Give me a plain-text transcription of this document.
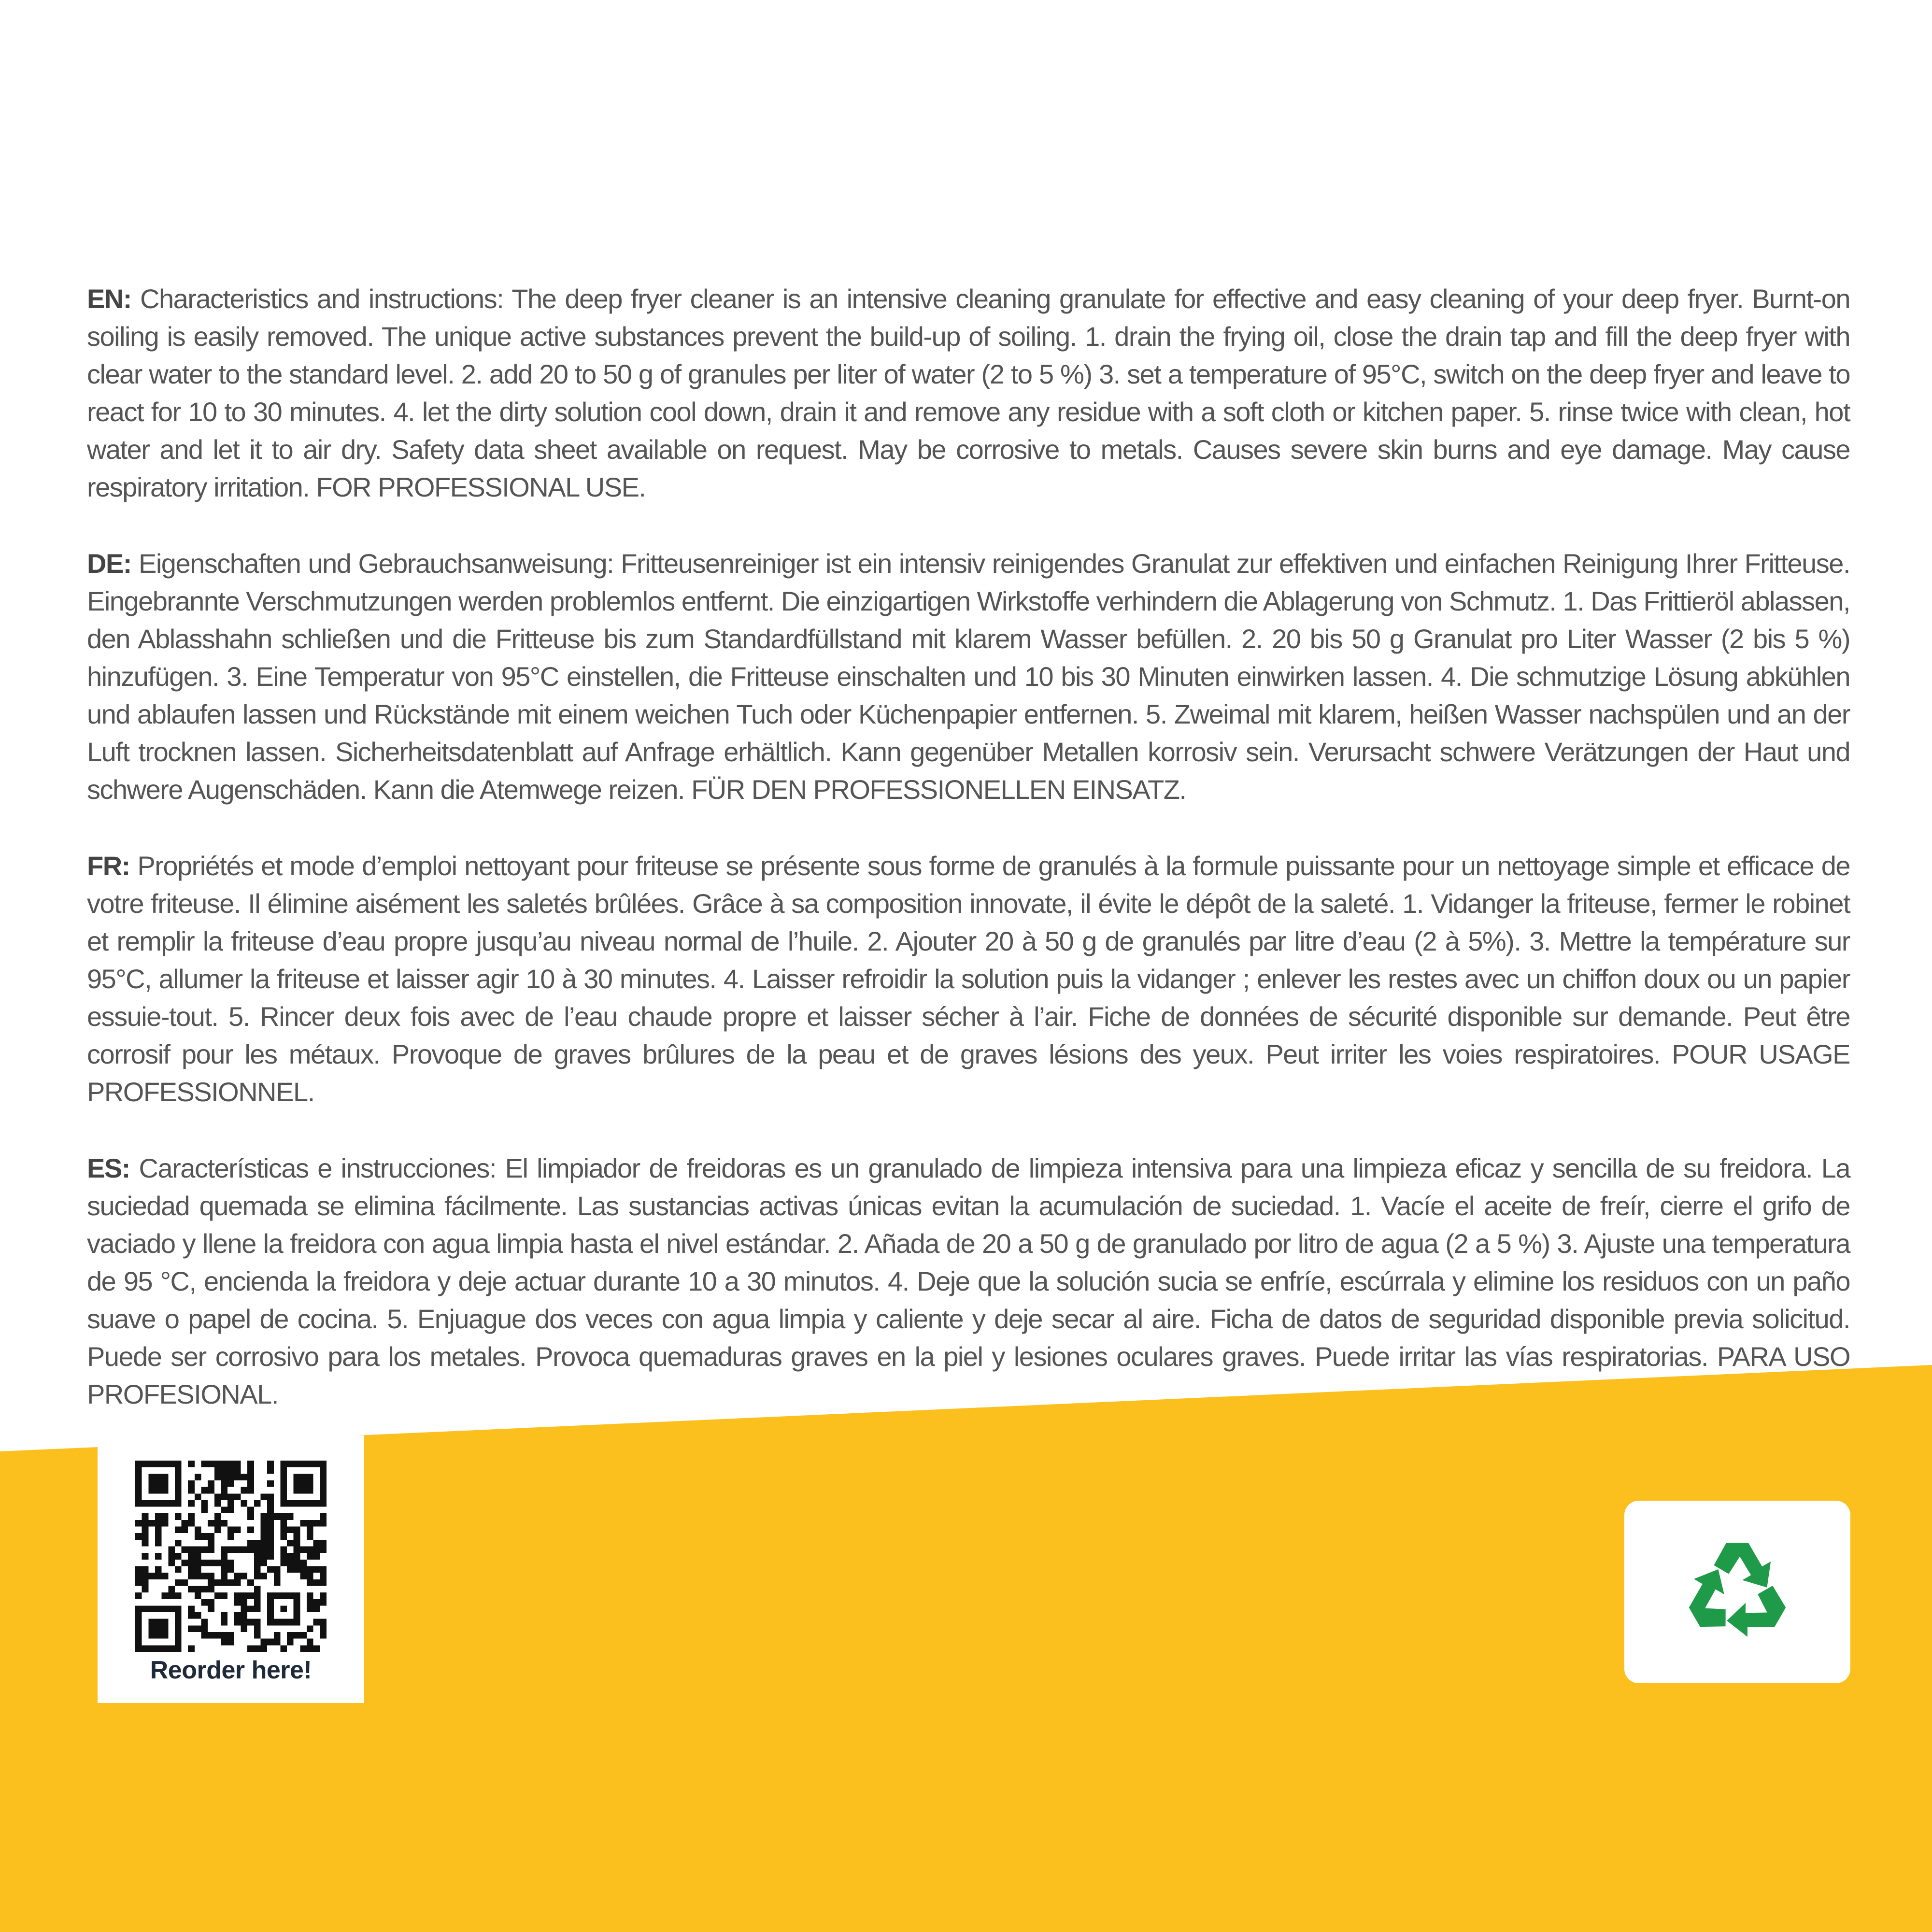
EN: Characteristics and instructions: The deep fryer cleaner is an intensive cleaning granulate for effective and easy cleaning of your deep fryer. Burnt-on soiling is easily removed. The unique active substances prevent the build-up of soiling. 1. drain the frying oil, close the drain tap and fill the deep fryer with clear water to the standard level. 2. add 20 to 50 g of granules per liter of water (2 to 5 %) 3. set a temperature of 95°C, switch on the deep fryer and leave to react for 10 to 30 minutes. 4. let the dirty solution cool down, drain it and remove any residue with a soft cloth or kitchen paper. 5. rinse twice with clean, hot water and let it to air dry. Safety data sheet available on request. May be corrosive to metals. Causes severe skin burns and eye damage. May cause respiratory irritation. FOR PROFESSIONAL USE.

DE: Eigenschaften und Gebrauchsanweisung: Fritteusenreiniger ist ein intensiv reinigendes Granulat zur effektiven und einfachen Reinigung Ihrer Fritteuse. Eingebrannte Verschmutzungen werden problemlos entfernt. Die einzigartigen Wirkstoffe verhindern die Ablagerung von Schmutz. 1. Das Frittieröl ablassen, den Ablasshahn schließen und die Fritteuse bis zum Standardfüllstand mit klarem Wasser befüllen. 2. 20 bis 50 g Granulat pro Liter Wasser (2 bis 5 %) hinzufügen. 3. Eine Temperatur von 95°C einstellen, die Fritteuse einschalten und 10 bis 30 Minuten einwirken lassen. 4. Die schmutzige Lösung abkühlen und ablaufen lassen und Rückstände mit einem weichen Tuch oder Küchenpapier entfernen. 5. Zweimal mit klarem, heißen Wasser nachspülen und an der Luft trocknen lassen. Sicherheitsdatenblatt auf Anfrage erhältlich. Kann gegenüber Metallen korrosiv sein. Verursacht schwere Verätzungen der Haut und schwere Augenschäden. Kann die Atemwege reizen. FÜR DEN PROFESSIONELLEN EINSATZ.

FR: Propriétés et mode d’emploi nettoyant pour friteuse se présente sous forme de granulés à la formule puissante pour un nettoyage simple et efficace de votre friteuse. Il élimine aisément les saletés brûlées. Grâce à sa composition innovate, il évite le dépôt de la saleté. 1. Vidanger la friteuse, fermer le robinet et remplir la friteuse d’eau propre jusqu’au niveau normal de l’huile. 2. Ajouter 20 à 50 g de granulés par litre d’eau (2 à 5%). 3. Mettre la température sur 95°C, allumer la friteuse et laisser agir 10 à 30 minutes. 4. Laisser refroidir la solution puis la vidanger ; enlever les restes avec un chiffon doux ou un papier essuie-tout. 5. Rincer deux fois avec de l’eau chaude propre et laisser sécher à l’air. Fiche de données de sécurité disponible sur demande. Peut être corrosif pour les métaux. Provoque de graves brûlures de la peau et de graves lésions des yeux. Peut irriter les voies respiratoires. POUR USAGE PROFESSIONNEL.

ES: Características e instrucciones: El limpiador de freidoras es un granulado de limpieza intensiva para una limpieza eficaz y sencilla de su freidora. La suciedad quemada se elimina fácilmente. Las sustancias activas únicas evitan la acumulación de suciedad. 1. Vacíe el aceite de freír, cierre el grifo de vaciado y llene la freidora con agua limpia hasta el nivel estándar. 2. Añada de 20 a 50 g de granulado por litro de agua (2 a 5 %) 3. Ajuste una temperatura de 95 °C, encienda la freidora y deje actuar durante 10 a 30 minutos. 4. Deje que la solución sucia se enfríe, escúrrala y elimine los residuos con un paño suave o papel de cocina. 5. Enjuague dos veces con agua limpia y caliente y deje secar al aire. Ficha de datos de seguridad disponible previa solicitud. Puede ser corrosivo para los metales. Provoca quemaduras graves en la piel y lesiones oculares graves. Puede irritar las vías respiratorias. PARA USO PROFESIONAL.

Reorder here!
